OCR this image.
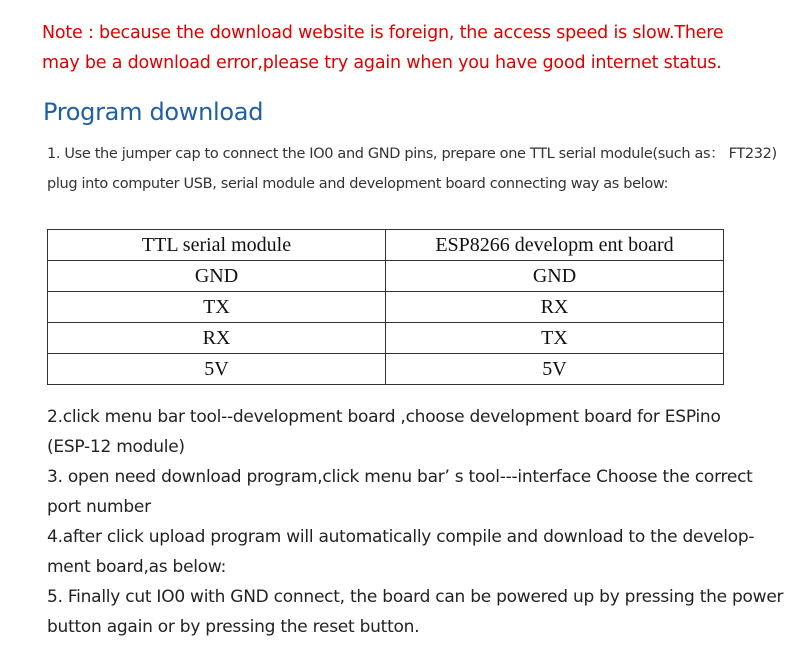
Note : because the download website is foreign, the access speed is slow.There
may be a download error,please try again when you have good internet status.
Program download
1. Use the jumper cap to connect the IO0 and GND pins, prepare one TTL serial module(such as： FT232)
plug into computer USB, serial module and development board connecting way as below:
TTL serial module	ESP8266 developm ent board
GND	GND
TX	RX
RX	TX
5V	5V
2.click menu bar tool--development board ,choose development board for ESPino
(ESP-12 module)
3. open need download program,click menu bar’ s tool---interface Choose the correct
port number
4.after click upload program will automatically compile and download to the develop-
ment board,as below:
5. Finally cut IO0 with GND connect, the board can be powered up by pressing the power
button again or by pressing the reset button.
